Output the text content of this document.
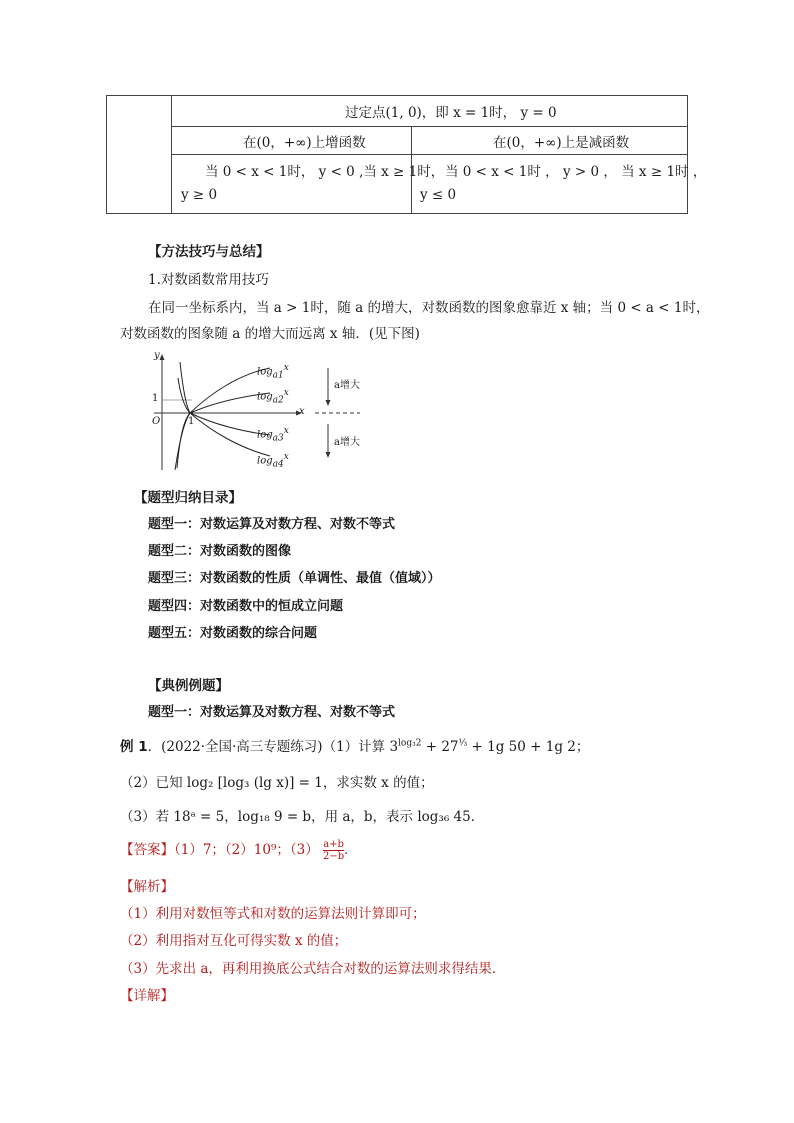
过定点(1, 0)，即 x = 1时， y = 0
在(0，+∞)上增函数	在(0，+∞)上是减函数
当 0 < x < 1时， y < 0 ,当 x ≥ 1时，
y ≥ 0
当 0 < x < 1时 ， y > 0 ， 当 x ≥ 1时 ，
y ≤ 0
【方法技巧与总结】
1.对数函数常用技巧
在同一坐标系内，当 a > 1时，随 a 的增大，对数函数的图象愈靠近 x 轴；当 0 < a < 1时，
对数函数的图象随 a 的增大而远离 x 轴．(见下图)
y
x
1
O	1
$\log_{a1}^x$
$\log_{a2}^x$
$\log_{a3}^x$
$\log_{a4}^x$
a增大
a增大
【题型归纳目录】
题型一：对数运算及对数方程、对数不等式
题型二：对数函数的图像
题型三：对数函数的性质（单调性、最值（值域））
题型四：对数函数中的恒成立问题
题型五：对数函数的综合问题
【典例例题】
题型一：对数运算及对数方程、对数不等式
例 1．(2022·全国·高三专题练习)（1）计算 $3^{log_32} + 27^{\frac{1}{3}} + 1g$ 50 + 1g 2；
（2）已知 log₂ [log₃ (lg x)] = 1，求实数 x 的值；
（3）若 18ᵃ = 5，log₁₈ 9 = b，用 a，b，表示 log₃₆ 45．
【答案】（1）7；（2）10⁹；$(3) \frac{a+b}{2-b}$ ．
【解析】
（1）利用对数恒等式和对数的运算法则计算即可；
（2）利用指对互化可得实数 x 的值；
（3）先求出 a，再利用换底公式结合对数的运算法则求得结果．
【详解】
